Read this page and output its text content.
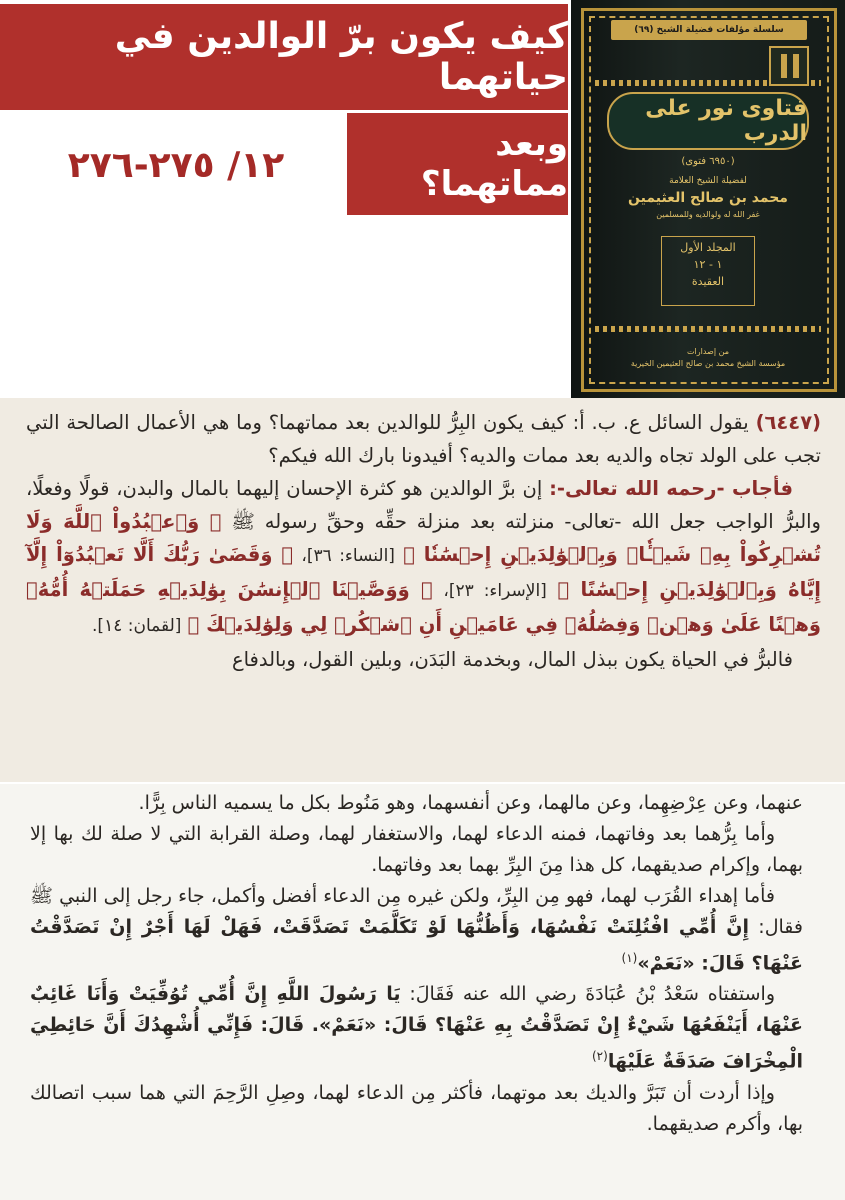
كيف يكون برّ الوالدين في حياتهما
وبعد مماتهما؟
١٢/ ٢٧٥-٢٧٦
سلسلة مؤلفات فضيلة الشيخ (٦٩)
فتاوى نور على الدرب
(٦٩٥٠ فتوى)
لفضيلة الشيخ العلامة
محمد بن صالح العثيمين
غفر الله له ولوالديه وللمسلمين
المجلد الأول
١ - ١٢
العقيدة
من إصدارات
مؤسسة الشيخ محمد بن صالح العثيمين الخيرية

(٦٤٤٧) يقول السائل ع. ب. أ: كيف يكون البِرُّ للوالدين بعد مماتهما؟ وما هي الأعمال الصالحة التي تجب على الولد تجاه والديه بعد ممات والديه؟ أفيدونا بارك الله فيكم؟

فأجاب -رحمه الله تعالى-: إن برَّ الوالدين هو كثرة الإحسان إليهما بالمال والبدن، قولًا وفعلًا، والبرُّ الواجب جعل الله -تعالى- منزلته بعد منزلة حقِّه وحقِّ رسوله ﷺ ﴿ وَٱعۡبُدُواْ ٱللَّهَ وَلَا تُشۡرِكُواْ بِهِۦ شَيۡـٔٗاۖ وَبِٱلۡوَٰلِدَيۡنِ إِحۡسَٰنٗا ﴾ [النساء: ٣٦]، ﴿ وَقَضَىٰ رَبُّكَ أَلَّا تَعۡبُدُوٓاْ إِلَّآ إِيَّاهُ وَبِٱلۡوَٰلِدَيۡنِ إِحۡسَٰنًا ﴾ [الإسراء: ٢٣]، ﴿ وَوَصَّيۡنَا ٱلۡإِنسَٰنَ بِوَٰلِدَيۡهِ حَمَلَتۡهُ أُمُّهُۥ وَهۡنًا عَلَىٰ وَهۡنٖ وَفِصَٰلُهُۥ فِي عَامَيۡنِ أَنِ ٱشۡكُرۡ لِي وَلِوَٰلِدَيۡكَ ﴾ [لقمان: ١٤].

فالبرُّ في الحياة يكون ببذل المال، وبخدمة البَدَن، وبلين القول، وبالدفاع

عنهما، وعن عِرْضِهِما، وعن مالهما، وعن أنفسهما، وهو مَنُوط بكل ما يسميه الناس بِرًّا.

وأما بِرُّهما بعد وفاتهما، فمنه الدعاء لهما، والاستغفار لهما، وصلة القرابة التي لا صلة لك بها إلا بهما، وإكرام صديقهما، كل هذا مِنَ البِرِّ بهما بعد وفاتهما.

فأما إهداء القُرَب لهما، فهو مِن البِرِّ، ولكن غيره مِن الدعاء أفضل وأكمل، جاء رجل إلى النبي ﷺ فقال: إِنَّ أُمِّي افْتُلِتَتْ نَفْسُهَا، وَأَظُنُّهَا لَوْ تَكَلَّمَتْ تَصَدَّقَتْ، فَهَلْ لَهَا أَجْرٌ إِنْ تَصَدَّقْتُ عَنْهَا؟ قَالَ: «نَعَمْ»$^{(١)}$

واستفتاه سَعْدُ بْنُ عُبَادَةَ رضي الله عنه فَقَالَ: يَا رَسُولَ اللَّهِ إِنَّ أُمِّي تُوُفِّيَتْ وَأَنَا غَائِبٌ عَنْهَا، أَيَنْفَعُهَا شَيْءٌ إِنْ تَصَدَّقْتُ بِهِ عَنْهَا؟ قَالَ: «نَعَمْ». قَالَ: فَإِنِّي أُشْهِدُكَ أَنَّ حَائِطِيَ الْمِخْرَافَ صَدَقَةٌ عَلَيْهَا$^{(٢)}$

وإذا أردت أن تَبَرَّ والديك بعد موتهما، فأكثر مِن الدعاء لهما، وصِلِ الرَّحِمَ التي هما سبب اتصالك بها، وأكرم صديقهما.
